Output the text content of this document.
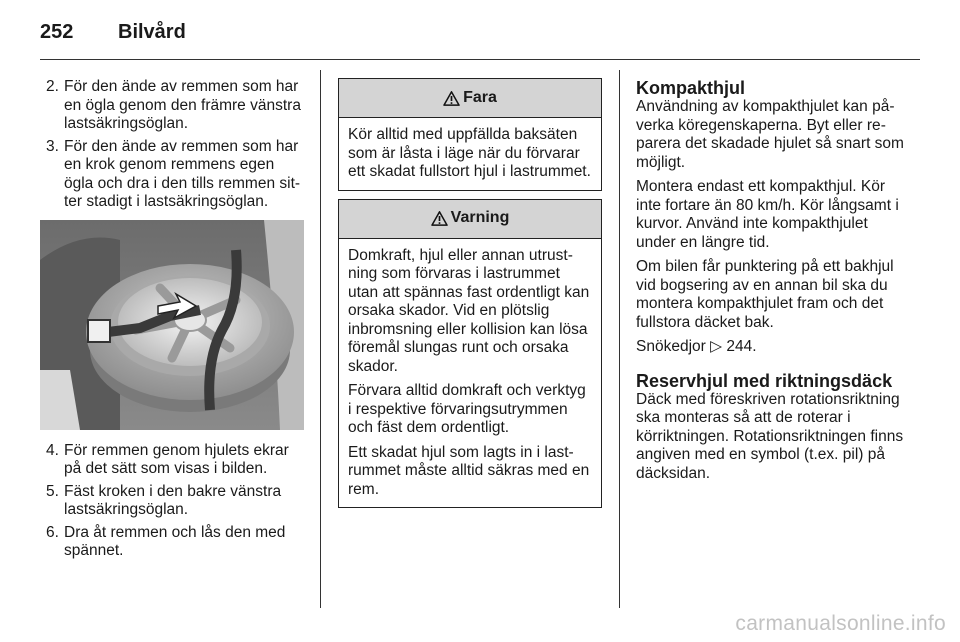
252	Bilvård
2. För den ände av remmen som har en ögla genom den främre vänstra lastsäkringsöglan.
3. För den ände av remmen som har en krok genom remmens egen ögla och dra i den tills remmen sitter stadigt i lastsäkringsöglan.
4. För remmen genom hjulets ekrar på det sätt som visas i bilden.
5. Fäst kroken i den bakre vänstra lastsäkringsöglan.
6. Dra åt remmen och lås den med spännet.
Fara

Kör alltid med uppfällda baksäten som är låsta i läge när du förvarar ett skadat fullstort hjul i lastrummet.

Varning

Domkraft, hjul eller annan utrustning som förvaras i lastrummet utan att spännas fast ordentligt kan orsaka skador. Vid en plötslig inbromsning eller kollision kan lösa föremål slungas runt och orsaka skador.

Förvara alltid domkraft och verktyg i respektive förvaringsutrymmen och fäst dem ordentligt.

Ett skadat hjul som lagts in i lastrummet måste alltid säkras med en rem.

Kompakthjul

Användning av kompakthjulet kan påverka köregenskaperna. Byt eller reparera det skadade hjulet så snart som möjligt.

Montera endast ett kompakthjul. Kör inte fortare än 80 km/h. Kör långsamt i kurvor. Använd inte kompakthjulet under en längre tid.

Om bilen får punktering på ett bakhjul vid bogsering av en annan bil ska du montera kompakthjulet fram och det fullstora däcket bak.

Snökedjor ▷ 244.

Reservhjul med riktningsdäck

Däck med föreskriven rotationsriktning ska monteras så att de roterar i körriktningen. Rotationsriktningen finns angiven med en symbol (t.ex. pil) på däcksidan.

carmanualsonline.info
